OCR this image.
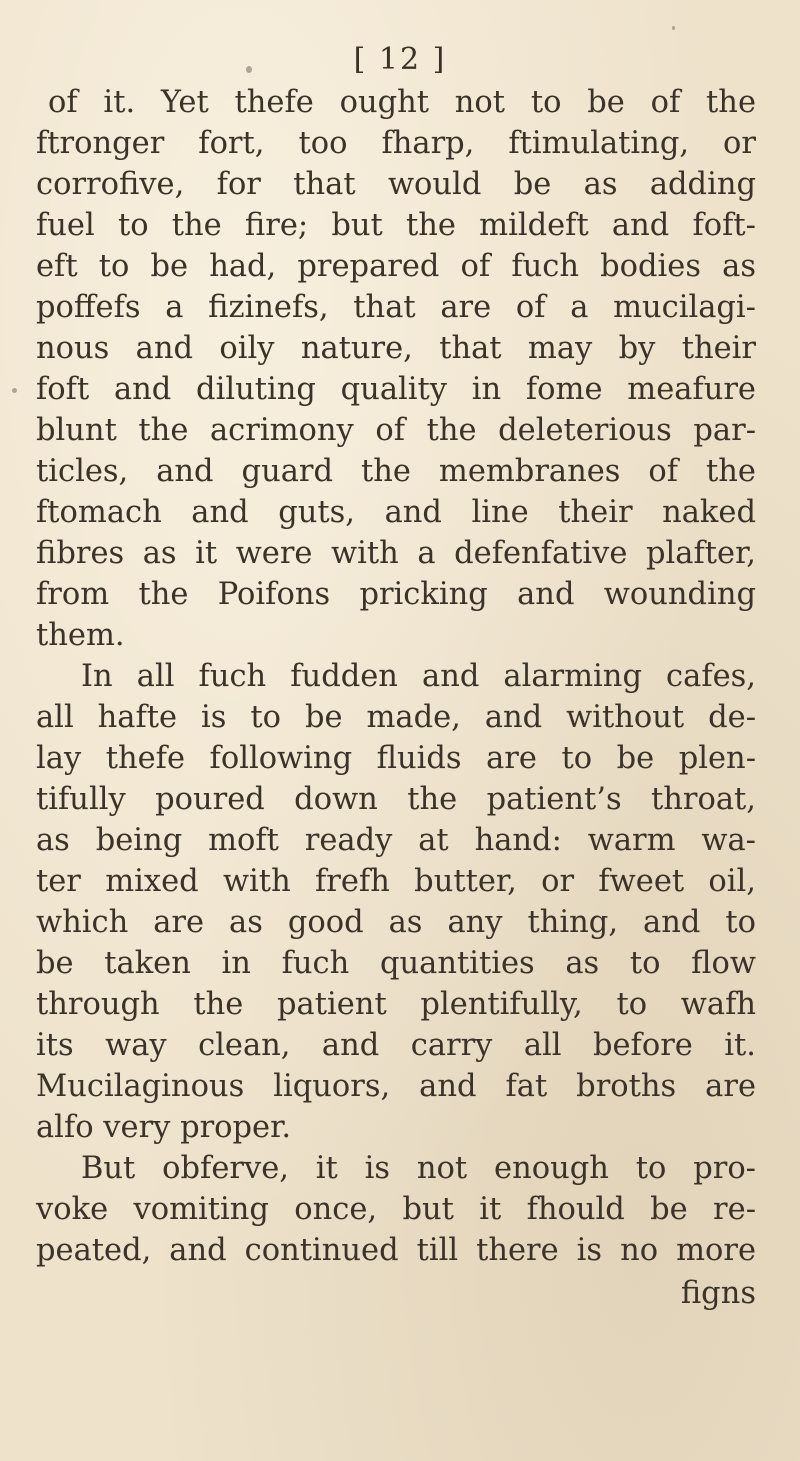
[ 12 ]
of it. Yet thefe ought not to be of the
ftronger fort, too fharp, ftimulating, or
corrofive, for that would be as adding
fuel to the fire; but the mildeft and foft-
eft to be had, prepared of fuch bodies as
poffefs a fizinefs, that are of a mucilagi-
nous and oily nature, that may by their
foft and diluting quality in fome meafure
blunt the acrimony of the deleterious par-
ticles, and guard the membranes of the
ftomach and guts, and line their naked
fibres as it were with a defenfative plafter,
from the Poifons pricking and wounding
them.
In all fuch fudden and alarming cafes,
all hafte is to be made, and without de-
lay thefe following fluids are to be plen-
tifully poured down the patient’s throat,
as being moft ready at hand: warm wa-
ter mixed with frefh butter, or fweet oil,
which are as good as any thing, and to
be taken in fuch quantities as to flow
through the patient plentifully, to wafh
its way clean, and carry all before it.
Mucilaginous liquors, and fat broths are
alfo very proper.
But obferve, it is not enough to pro-
voke vomiting once, but it fhould be re-
peated, and continued till there is no more
figns
